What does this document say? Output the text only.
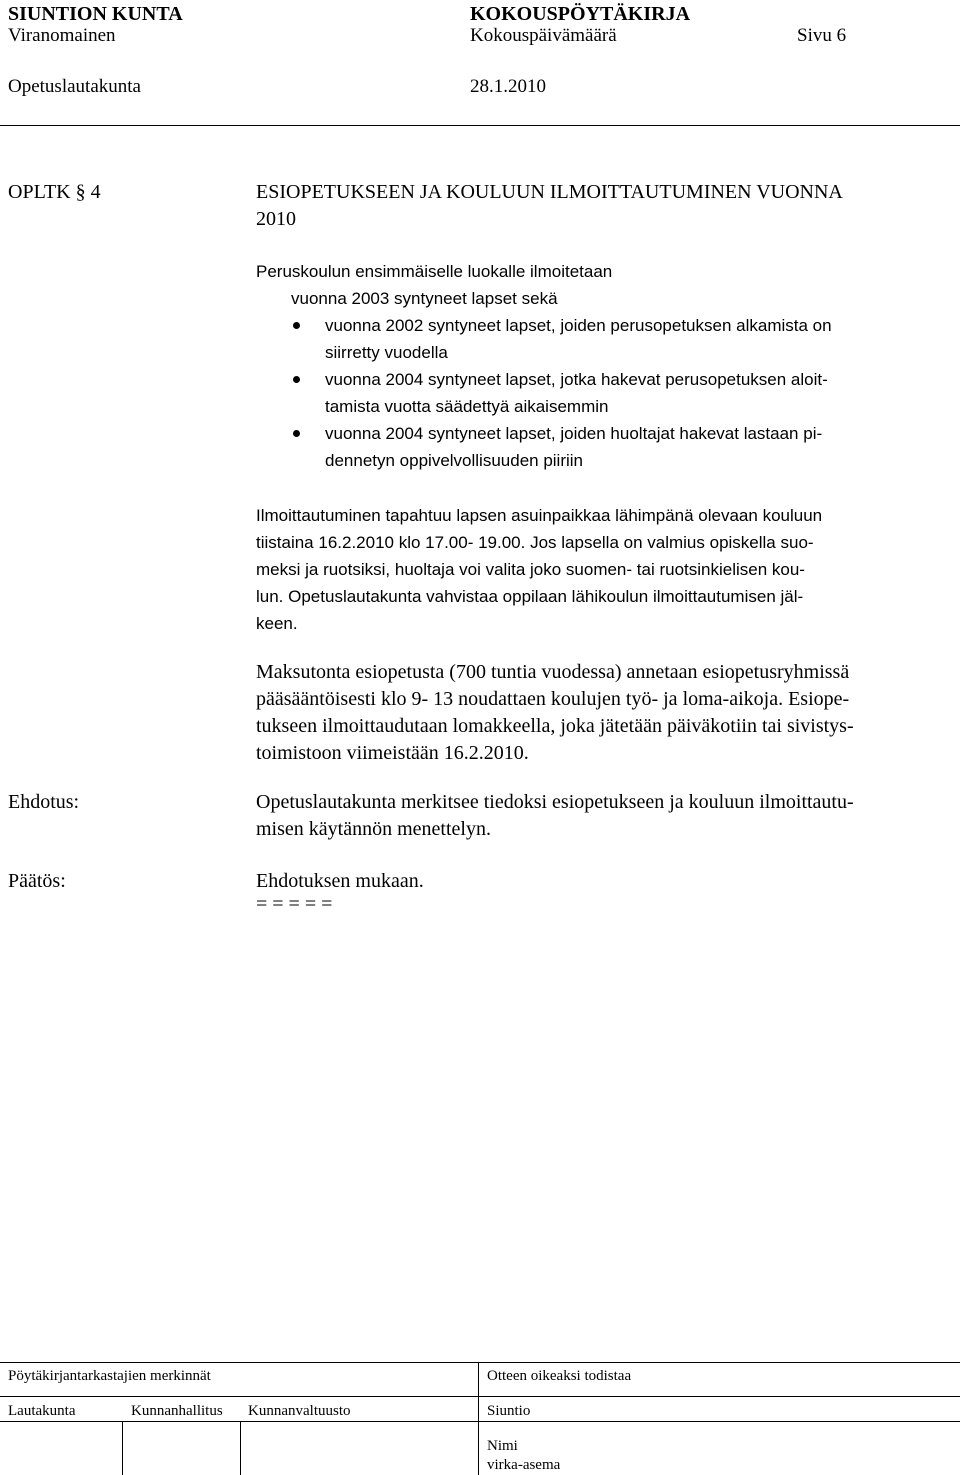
SIUNTION KUNTA	KOKOUSPÖYTÄKIRJA
Viranomainen	Kokouspäivämäärä	Sivu 6
Opetuslautakunta	28.1.2010
OPLTK § 4	ESIOPETUKSEEN JA KOULUUN ILMOITTAUTUMINEN VUONNA
2010
Peruskoulun ensimmäiselle luokalle ilmoitetaan
vuonna 2003 syntyneet lapset sekä
vuonna 2002 syntyneet lapset, joiden perusopetuksen alkamista on
siirretty vuodella
vuonna 2004 syntyneet lapset, jotka hakevat perusopetuksen aloit-
tamista vuotta säädettyä aikaisemmin
vuonna 2004 syntyneet lapset, joiden huoltajat hakevat lastaan pi-
dennetyn oppivelvollisuuden piiriin
Ilmoittautuminen tapahtuu lapsen asuinpaikkaa lähimpänä olevaan kouluun
tiistaina 16.2.2010 klo 17.00- 19.00. Jos lapsella on valmius opiskella suo-
meksi ja ruotsiksi, huoltaja voi valita joko suomen- tai ruotsinkielisen kou-
lun. Opetuslautakunta vahvistaa oppilaan lähikoulun ilmoittautumisen jäl-
keen.
Maksutonta esiopetusta (700 tuntia vuodessa) annetaan esiopetusryhmissä
pääsääntöisesti klo 9- 13 noudattaen koulujen työ- ja loma-aikoja. Esiope-
tukseen ilmoittaudutaan lomakkeella, joka jätetään päiväkotiin tai sivistys-
toimistoon viimeistään 16.2.2010.
Ehdotus:	Opetuslautakunta merkitsee tiedoksi esiopetukseen ja kouluun ilmoittautu-
misen käytännön menettelyn.
Päätös:	Ehdotuksen mukaan.
= = = = =
Pöytäkirjantarkastajien merkinnät	Otteen oikeaksi todistaa
Lautakunta	Kunnanhallitus Kunnanvaltuusto	Siuntio
Nimi
virka-asema
